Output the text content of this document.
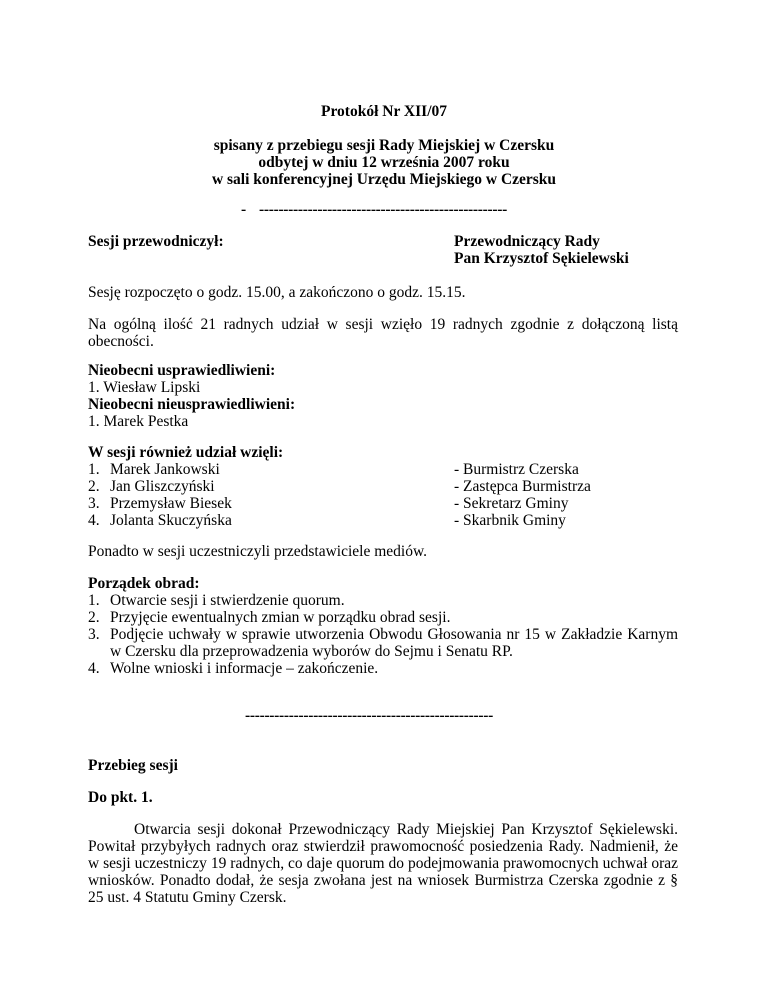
Protokół Nr XII/07
spisany z przebiegu sesji Rady Miejskiej w Czersku
odbytej w dniu 12 września 2007 roku
w sali konferencyjnej Urzędu Miejskiego w Czersku
- ---------------------------------------------------
Sesji przewodniczył:	Przewodniczący Rady
Pan Krzysztof Sękielewski
Sesję rozpoczęto o godz. 15.00, a zakończono o godz. 15.15.
Na ogólną ilość 21 radnych udział w sesji wzięło 19 radnych zgodnie z dołączoną listą obecności.
Nieobecni usprawiedliwieni:
1. Wiesław Lipski
Nieobecni nieusprawiedliwieni:
1. Marek Pestka
W sesji również udział wzięli:
1. Marek Jankowski	- Burmistrz Czerska
2. Jan Gliszczyński	- Zastępca Burmistrza
3. Przemysław Biesek	- Sekretarz Gminy
4. Jolanta Skuczyńska	- Skarbnik Gminy
Ponadto w sesji uczestniczyli przedstawiciele mediów.
Porządek obrad:
1. Otwarcie sesji i stwierdzenie quorum.
2. Przyjęcie ewentualnych zmian w porządku obrad sesji.
3. Podjęcie uchwały w sprawie utworzenia Obwodu Głosowania nr 15 w Zakładzie Karnym w Czersku dla przeprowadzenia wyborów do Sejmu i Senatu RP.
4. Wolne wnioski i informacje – zakończenie.
---------------------------------------------------
Przebieg sesji
Do pkt. 1.
Otwarcia sesji dokonał Przewodniczący Rady Miejskiej Pan Krzysztof Sękielewski. Powitał przybyłych radnych oraz stwierdził prawomocność posiedzenia Rady. Nadmienił, że w sesji uczestniczy 19 radnych, co daje quorum do podejmowania prawomocnych uchwał oraz wniosków. Ponadto dodał, że sesja zwołana jest na wniosek Burmistrza Czerska zgodnie z § 25 ust. 4 Statutu Gminy Czersk.
